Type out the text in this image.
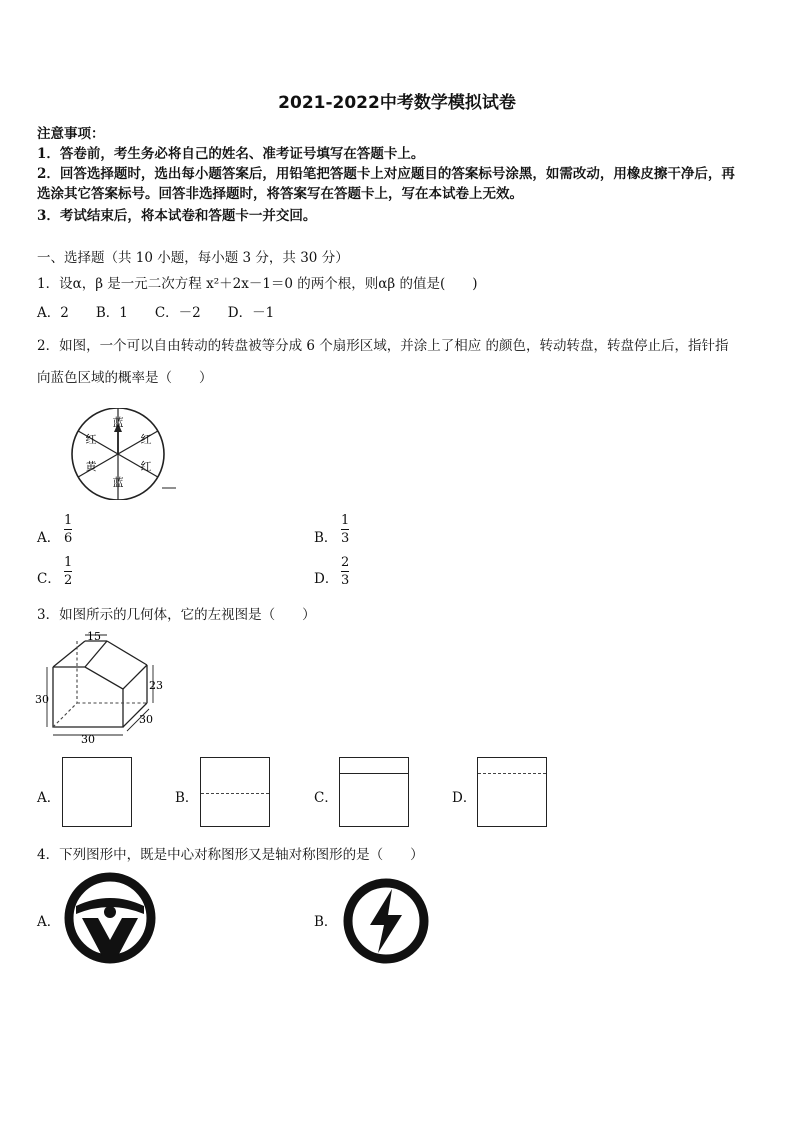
2021-2022中考数学模拟试卷
注意事项：
1．答卷前，考生务必将自己的姓名、准考证号填写在答题卡上。
2．回答选择题时，选出每小题答案后，用铅笔把答题卡上对应题目的答案标号涂黑，如需改动，用橡皮擦干净后，再
选涂其它答案标号。回答非选择题时，将答案写在答题卡上，写在本试卷上无效。
3．考试结束后，将本试卷和答题卡一并交回。
一、选择题（共 10 小题，每小题 3 分，共 30 分）
1．设α，β 是一元二次方程 x²＋2x－1＝0 的两个根，则αβ 的值是(　　)
A．2　　B．1　　C．－2　　D．－1
2．如图，一个可以自由转动的转盘被等分成 6 个扇形区域，并涂上了相应 的颜色，转动转盘，转盘停止后，指针指
向蓝色区域的概率是（　　）
蓝
红
红
蓝
黄
红
A． $\frac{1}{6}$	B． $\frac{1}{3}$
C． $\frac{1}{2}$	D． $\frac{2}{3}$
3．如图所示的几何体，它的左视图是（　　）
15
30
23
30
30
A．	B．	C．	D．
4．下列图形中，既是中心对称图形又是轴对称图形的是（　　）
A．	B．
